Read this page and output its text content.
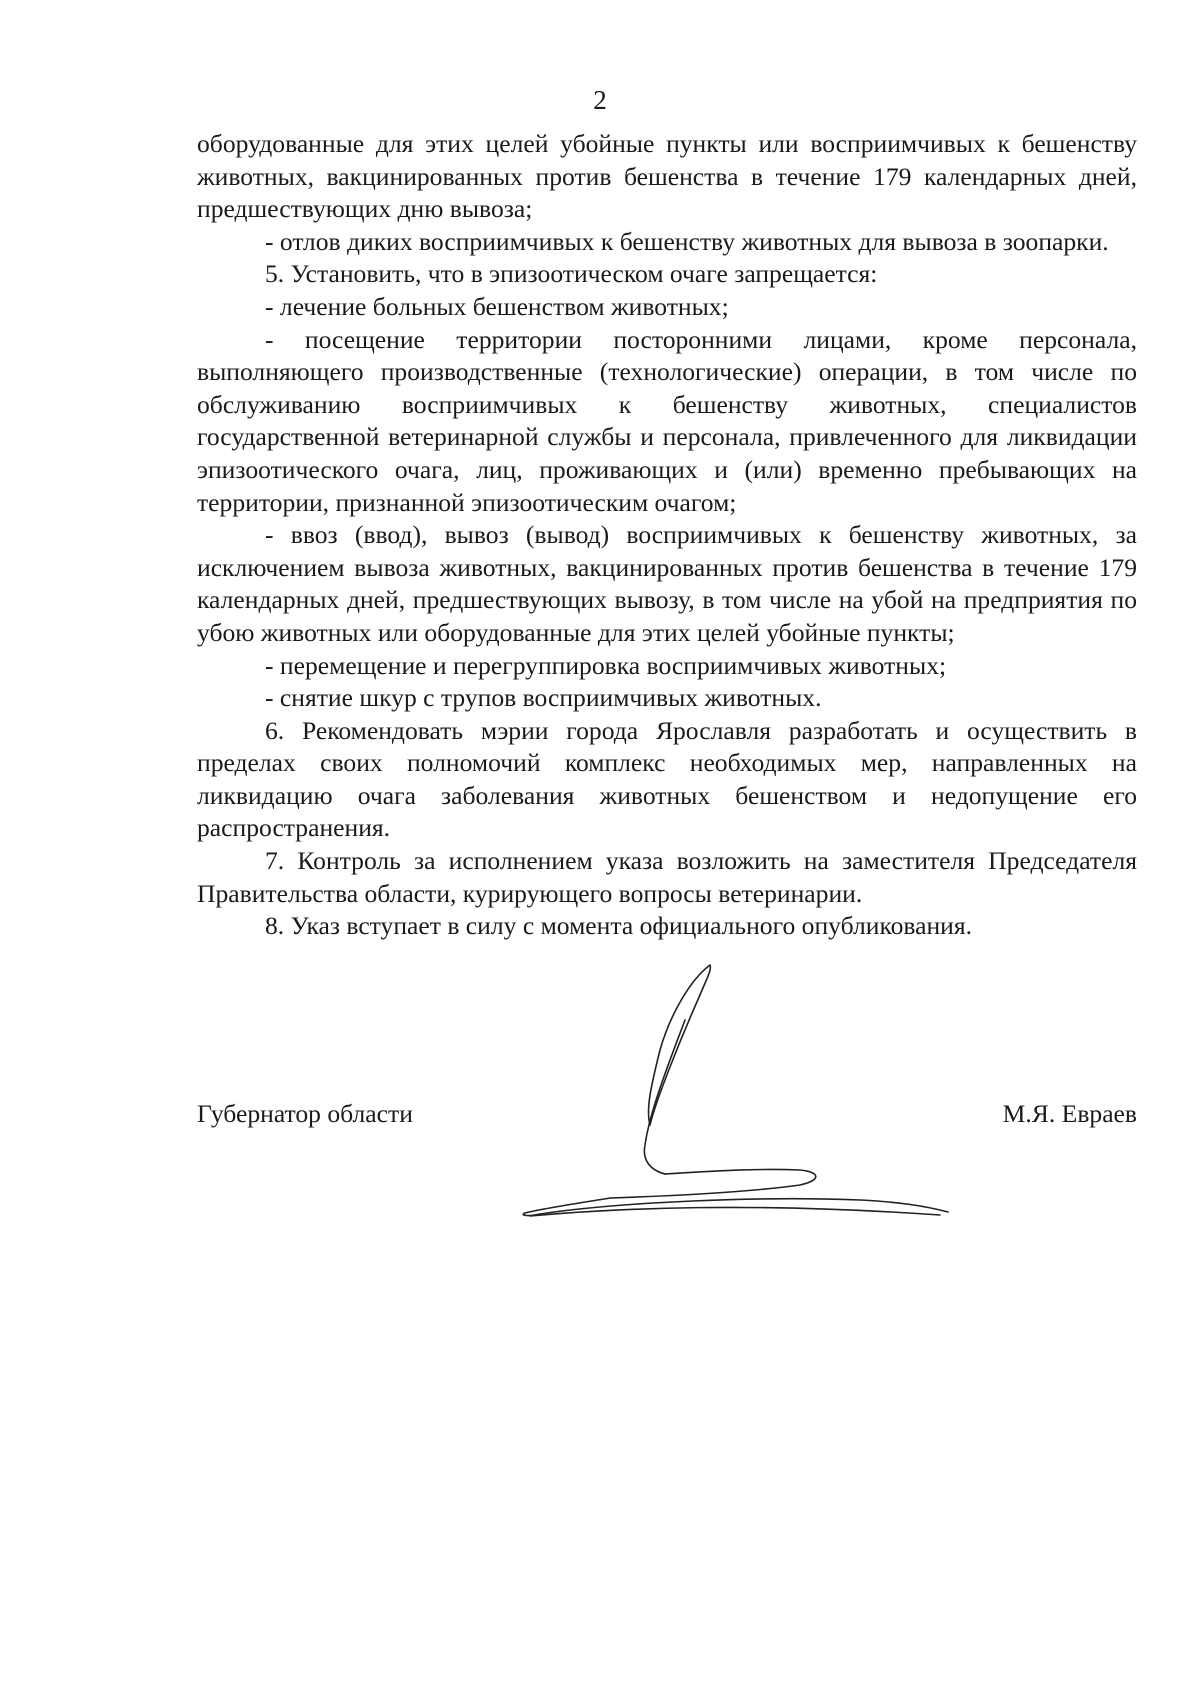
2

оборудованные для этих целей убойные пункты или восприимчивых к бешенству животных, вакцинированных против бешенства в течение 179 календарных дней, предшествующих дню вывоза;

- отлов диких восприимчивых к бешенству животных для вывоза в зоопарки.

5. Установить, что в эпизоотическом очаге запрещается:

- лечение больных бешенством животных;

- посещение территории посторонними лицами, кроме персонала, выполняющего производственные (технологические) операции, в том числе по обслуживанию восприимчивых к бешенству животных, специалистов государственной ветеринарной службы и персонала, привлеченного для ликвидации эпизоотического очага, лиц, проживающих и (или) временно пребывающих на территории, признанной эпизоотическим очагом;

- ввоз (ввод), вывоз (вывод) восприимчивых к бешенству животных, за исключением вывоза животных, вакцинированных против бешенства в течение 179 календарных дней, предшествующих вывозу, в том числе на убой на предприятия по убою животных или оборудованные для этих целей убойные пункты;

- перемещение и перегруппировка восприимчивых животных;

- снятие шкур с трупов восприимчивых животных.

6. Рекомендовать мэрии города Ярославля разработать и осуществить в пределах своих полномочий комплекс необходимых мер, направленных на ликвидацию очага заболевания животных бешенством и недопущение его распространения.

7. Контроль за исполнением указа возложить на заместителя Председателя Правительства области, курирующего вопросы ветеринарии.

8. Указ вступает в силу с момента официального опубликования.

Губернатор области	М.Я. Евраев
